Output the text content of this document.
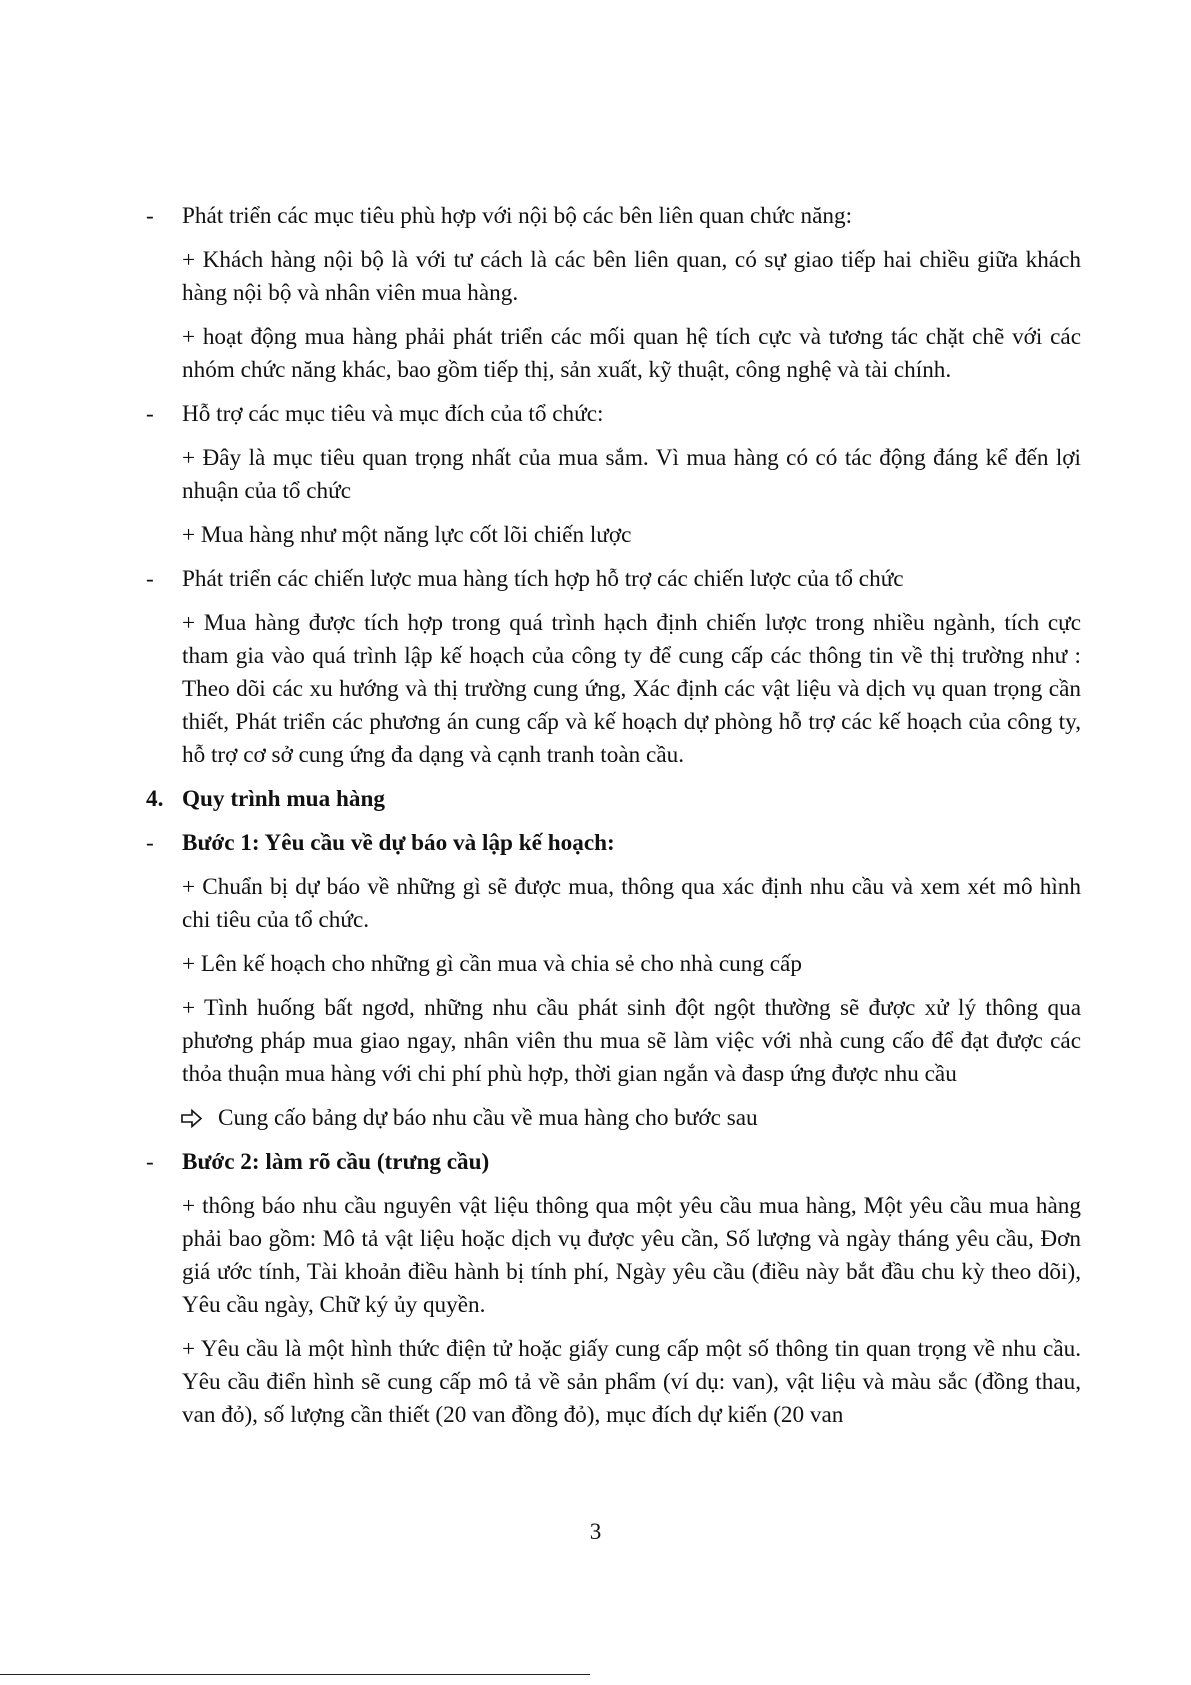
-	Phát triển các mục tiêu phù hợp với nội bộ các bên liên quan chức năng:
+ Khách hàng nội bộ là với tư cách là các bên liên quan, có sự giao tiếp hai chiều giữa khách hàng nội bộ và nhân viên mua hàng.
+ hoạt động mua hàng phải phát triển các mối quan hệ tích cực và tương tác chặt chẽ với các nhóm chức năng khác, bao gồm tiếp thị, sản xuất, kỹ thuật, công nghệ và tài chính.
-	Hỗ trợ các mục tiêu và mục đích của tổ chức:
+ Đây là mục tiêu quan trọng nhất của mua sắm. Vì mua hàng có có tác động đáng kể đến lợi nhuận của tổ chức
+ Mua hàng như một năng lực cốt lõi chiến lược
-	Phát triển các chiến lược mua hàng tích hợp hỗ trợ các chiến lược của tổ chức
+ Mua hàng được tích hợp trong quá trình hạch định chiến lược trong nhiều ngành, tích cực tham gia vào quá trình lập kế hoạch của công ty để cung cấp các thông tin về thị trường như : Theo dõi các xu hướng và thị trường cung ứng, Xác định các vật liệu và dịch vụ quan trọng cần thiết, Phát triển các phương án cung cấp và kế hoạch dự phòng hỗ trợ các kế hoạch của công ty, hỗ trợ cơ sở cung ứng đa dạng và cạnh tranh toàn cầu.
4. Quy trình mua hàng
-	Bước 1: Yêu cầu về dự báo và lập kế hoạch:
+ Chuẩn bị dự báo về những gì sẽ được mua, thông qua xác định nhu cầu và xem xét mô hình chi tiêu của tổ chức.
+ Lên kế hoạch cho những gì cần mua và chia sẻ cho nhà cung cấp
+ Tình huống bất ngơd, những nhu cầu phát sinh đột ngột thường sẽ được xử lý thông qua phương pháp mua giao ngay, nhân viên thu mua sẽ làm việc với nhà cung cấo để đạt được các thỏa thuận mua hàng với chi phí phù hợp, thời gian ngắn và đasp ứng được nhu cầu
Cung cấo bảng dự báo nhu cầu về mua hàng cho bước sau
-	Bước 2: làm rõ cầu (trưng cầu)
+ thông báo nhu cầu nguyên vật liệu thông qua một yêu cầu mua hàng, Một yêu cầu mua hàng phải bao gồm: Mô tả vật liệu hoặc dịch vụ được yêu cần, Số lượng và ngày tháng yêu cầu, Đơn giá ước tính, Tài khoản điều hành bị tính phí, Ngày yêu cầu (điều này bắt đầu chu kỳ theo dõi), Yêu cầu ngày, Chữ ký ủy quyền.
+ Yêu cầu là một hình thức điện tử hoặc giấy cung cấp một số thông tin quan trọng về nhu cầu. Yêu cầu điển hình sẽ cung cấp mô tả về sản phẩm (ví dụ: van), vật liệu và màu sắc (đồng thau, van đỏ), số lượng cần thiết (20 van đồng đỏ), mục đích dự kiến (20 van
3
